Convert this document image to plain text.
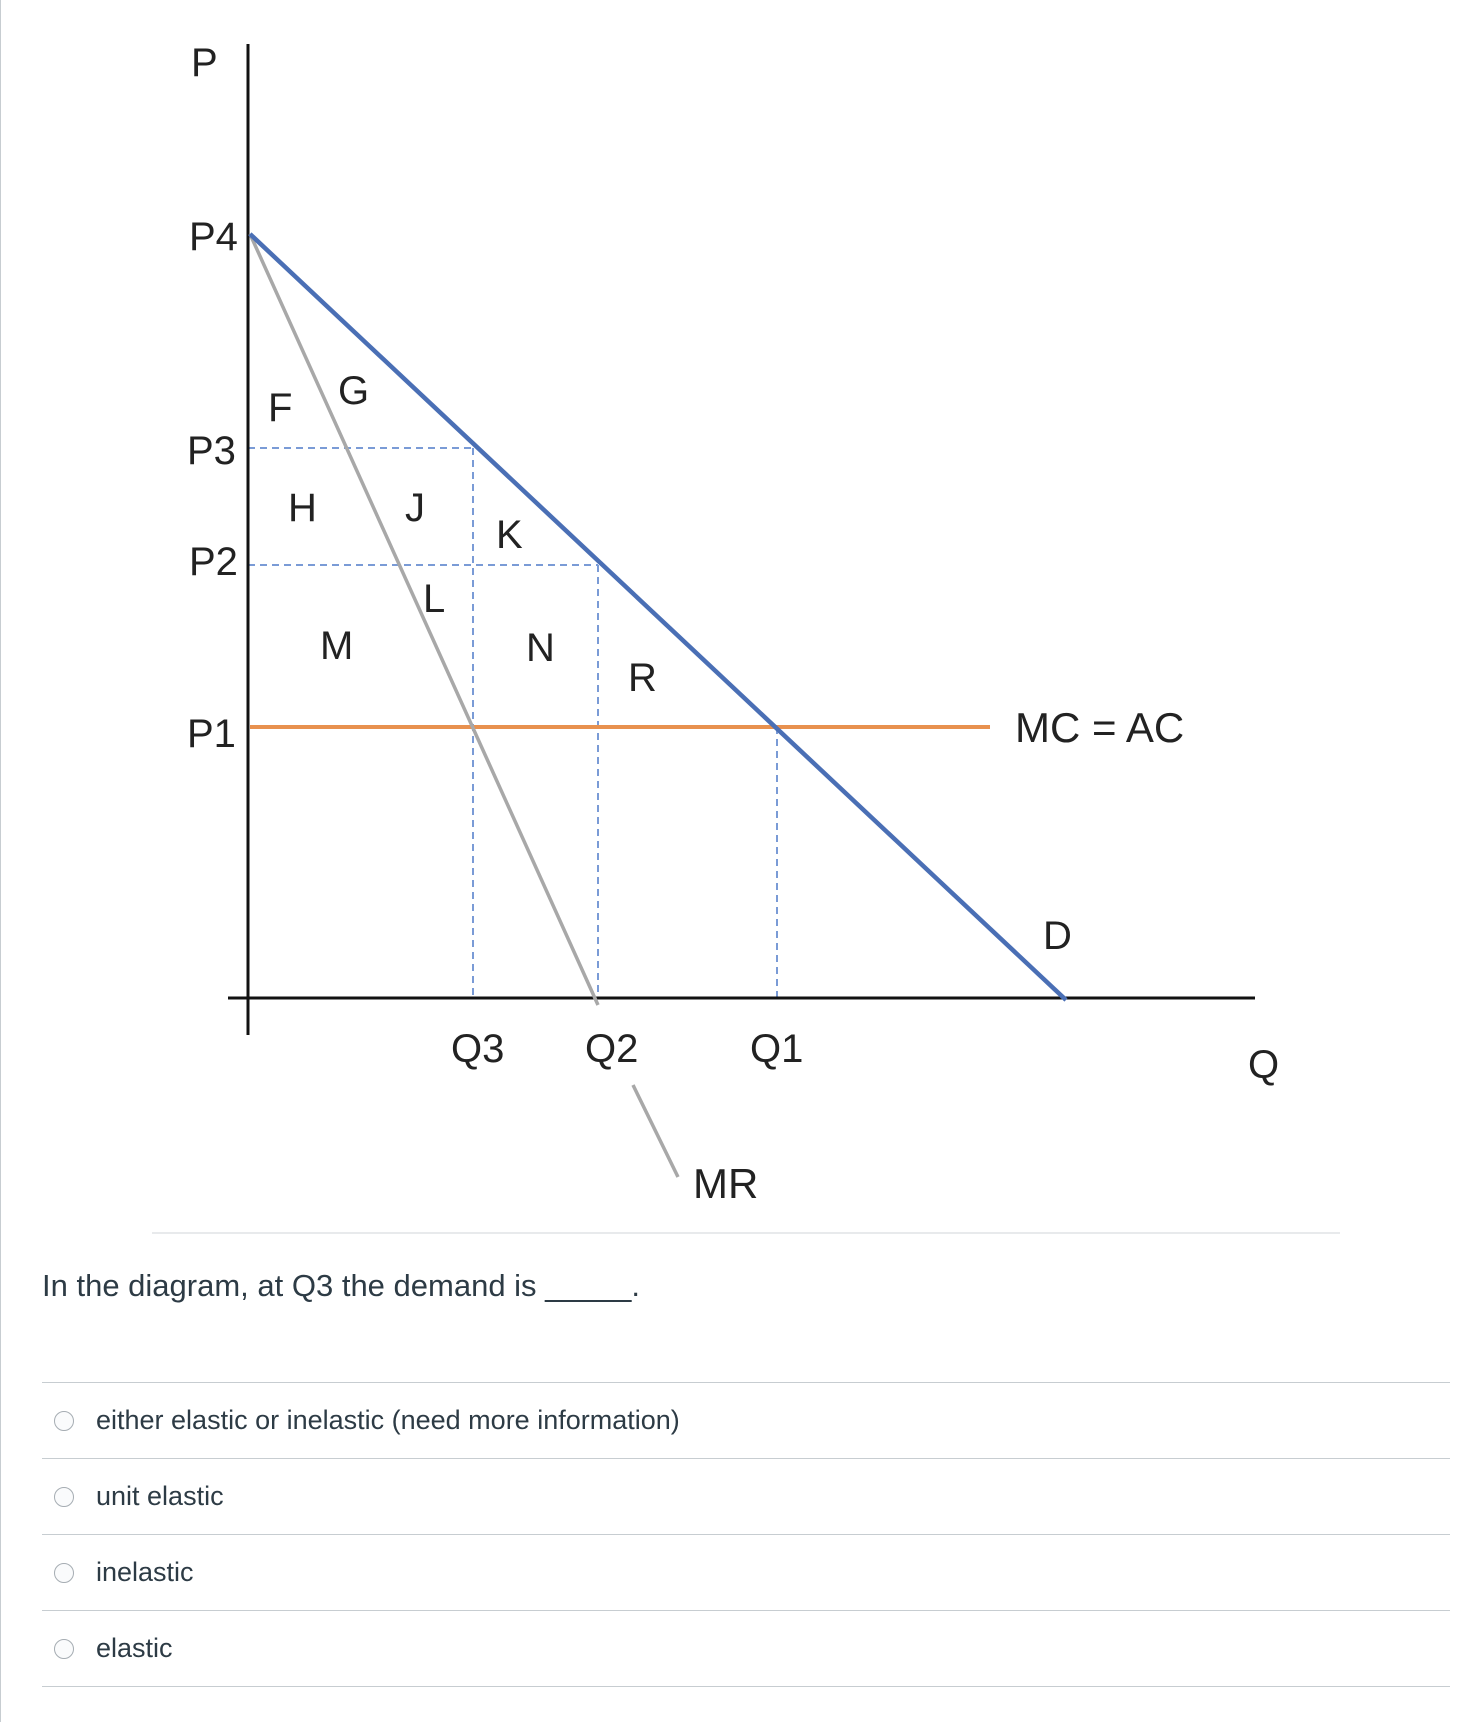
P
Q
P4
P3
P2
P1
Q3 Q2	Q1
MC = AC
D
MR
F G
H J
K
L
M	N
R

In the diagram, at Q3 the demand is _____.

either elastic or inelastic (need more information)
unit elastic
inelastic
elastic
